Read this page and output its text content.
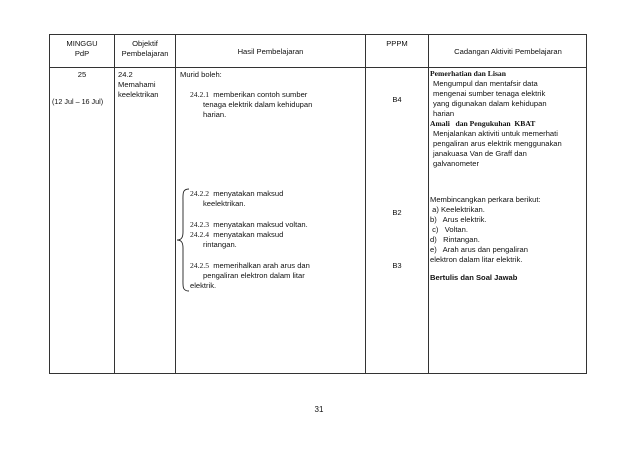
MINGGU
PdP
Objektif
Pembelajaran	Hasil Pembelajaran
PPPM
Cadangan Aktiviti Pembelajaran
25
(12 Jul – 16 Jul)
24.2
Memahami
keelektrikan
Murid boleh:
24.2.1 memberikan contoh sumber
tenaga elektrik dalam kehidupan
harian.
24.2.2 menyatakan maksud
keelektrikan.
24.2.3 menyatakan maksud voltan.
24.2.4 menyatakan maksud
rintangan.
24.2.5 memerihalkan arah arus dan
pengaliran elektron dalam litar
elektrik.
B4
B2
B3
Pemerhatian dan Lisan
Mengumpul dan mentafsir data
mengenai sumber tenaga elektrik
yang digunakan dalam kehidupan
harian
Amali   dan Pengukuhan  KBAT
Menjalankan aktiviti untuk memerhati
pengaliran arus elektrik menggunakan
janakuasa Van de Graff dan
galvanometer
Membincangkan perkara berikut:
a) Keelektrikan.
b)   Arus elektrik.
c)   Voltan.
d)   Rintangan.
e)   Arah arus dan pengaliran
elektron dalam litar elektrik.
Bertulis dan Soal Jawab
31
